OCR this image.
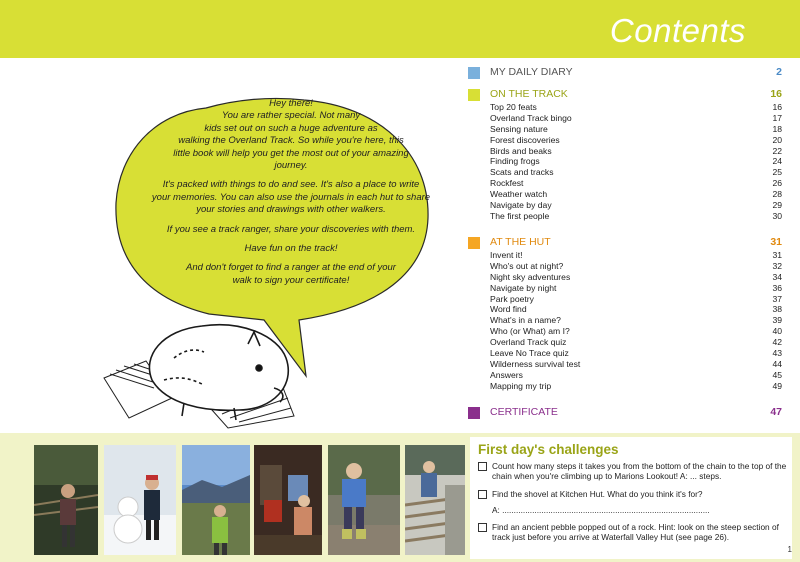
Contents

Hey there!
You are rather special. Not many
kids set out on such a huge adventure as
walking the Overland Track. So while you're here, this
little book will help you get the most out of your amazing
journey.

It's packed with things to do and see. It's also a place to write
your memories. You can also use the journals in each hut to share
your stories and drawings with other walkers.

If you see a track ranger, share your discoveries with them.

Have fun on the track!

And don't forget to find a ranger at the end of your
walk to sign your certificate!

MY DAILY DIARY	2
ON THE TRACK	16
Top 20 feats	16
Overland Track bingo	17
Sensing nature	18
Forest discoveries	20
Birds and beaks	22
Finding frogs	24
Scats and tracks	25
Rockfest	26
Weather watch	28
Navigate by day	29
The first people	30
AT THE HUT	31
Invent it!	31
Who's out at night?	32
Night sky adventures	34
Navigate by night	36
Park poetry	37
Word find	38
What's in a name?	39
Who (or What) am I?	40
Overland Track quiz	42
Leave No Trace quiz	43
Wilderness survival test	44
Answers	45
Mapping my trip	49
CERTIFICATE	47
First day's challenges
Count how many steps it takes you from the bottom of the chain to the top of the chain when you're climbing up to Marions Lookout! A: ... steps.
Find the shovel at Kitchen Hut. What do you think it's for?
A: ..........................................................................................
Find an ancient pebble popped out of a rock. Hint: look on the steep section of track just before you arrive at Waterfall Valley Hut (see page 26).
1
